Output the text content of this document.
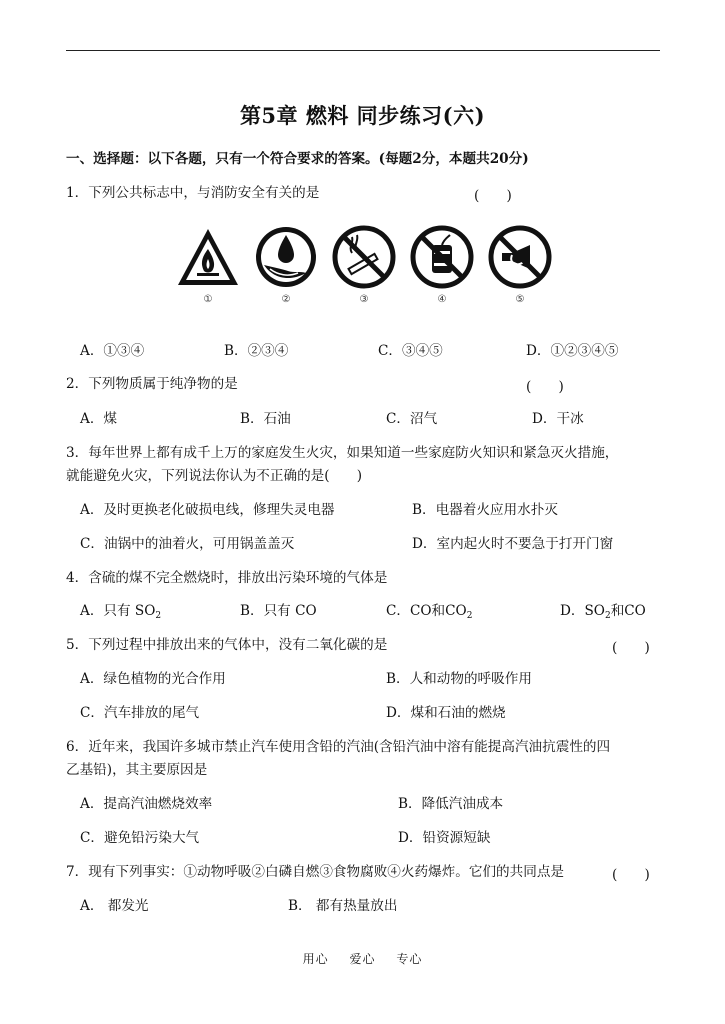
第5章 燃料 同步练习(六)
一、选择题：以下各题，只有一个符合要求的答案。(每题2分，本题共20分)
1．下列公共标志中，与消防安全有关的是	(　　)
①	②	③	④	⑤
A．①③④	B．②③④	C．③④⑤	D．①②③④⑤
2．下列物质属于纯净物的是	(　　)
A．煤	B．石油	C．沼气	D．干冰
3．每年世界上都有成千上万的家庭发生火灾，如果知道一些家庭防火知识和紧急灭火措施，
就能避免火灾，下列说法你认为不正确的是(　　)
A．及时更换老化破损电线，修理失灵电器	B．电器着火应用水扑灭
C．油锅中的油着火，可用锅盖盖灭	D．室内起火时不要急于打开门窗
4．含硫的煤不完全燃烧时，排放出污染环境的气体是
A．只有 $SO_2$	B．只有 CO	C．CO和$CO_2$	D．$SO_2$和CO
5．下列过程中排放出来的气体中，没有二氧化碳的是	(　　)
A．绿色植物的光合作用	B．人和动物的呼吸作用
C．汽车排放的尾气	D．煤和石油的燃烧
6．近年来，我国许多城市禁止汽车使用含铅的汽油(含铅汽油中溶有能提高汽油抗震性的四
乙基铅)，其主要原因是
A．提高汽油燃烧效率	B．降低汽油成本
C．避免铅污染大气	D．铅资源短缺
7．现有下列事实：①动物呼吸②白磷自燃③食物腐败④火药爆炸。它们的共同点是	(　　)
A． 都发光	B． 都有热量放出
用心 爱心 专心
